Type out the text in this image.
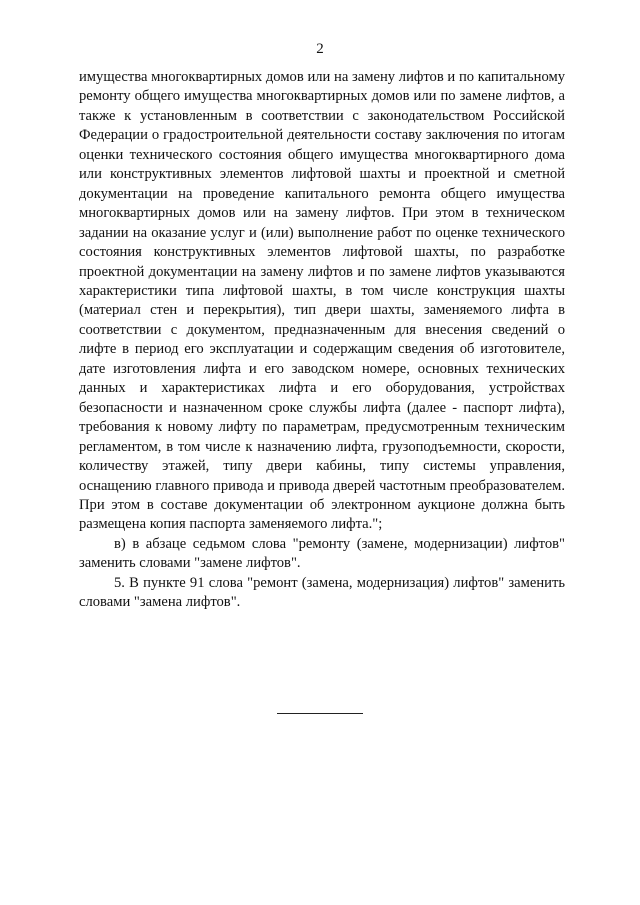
2

имущества многоквартирных домов или на замену лифтов и по капитальному ремонту общего имущества многоквартирных домов или по замене лифтов, а также к установленным в соответствии с законодательством Российской Федерации о градостроительной деятельности составу заключения по итогам оценки технического состояния общего имущества многоквартирного дома или конструктивных элементов лифтовой шахты и проектной и сметной документации на проведение капитального ремонта общего имущества многоквартирных домов или на замену лифтов. При этом в техническом задании на оказание услуг и (или) выполнение работ по оценке технического состояния конструктивных элементов лифтовой шахты, по разработке проектной документации на замену лифтов и по замене лифтов указываются характеристики типа лифтовой шахты, в том числе конструкция шахты (материал стен и перекрытия), тип двери шахты, заменяемого лифта в соответствии с документом, предназначенным для внесения сведений о лифте в период его эксплуатации и содержащим сведения об изготовителе, дате изготовления лифта и его заводском номере, основных технических данных и характеристиках лифта и его оборудования, устройствах безопасности и назначенном сроке службы лифта (далее - паспорт лифта), требования к новому лифту по параметрам, предусмотренным техническим регламентом, в том числе к назначению лифта, грузоподъемности, скорости, количеству этажей, типу двери кабины, типу системы управления, оснащению главного привода и привода дверей частотным преобразователем. При этом в составе документации об электронном аукционе должна быть размещена копия паспорта заменяемого лифта.";

в) в абзаце седьмом слова "ремонту (замене, модернизации) лифтов" заменить словами "замене лифтов".

5. В пункте 91 слова "ремонт (замена, модернизация) лифтов" заменить словами "замена лифтов".
